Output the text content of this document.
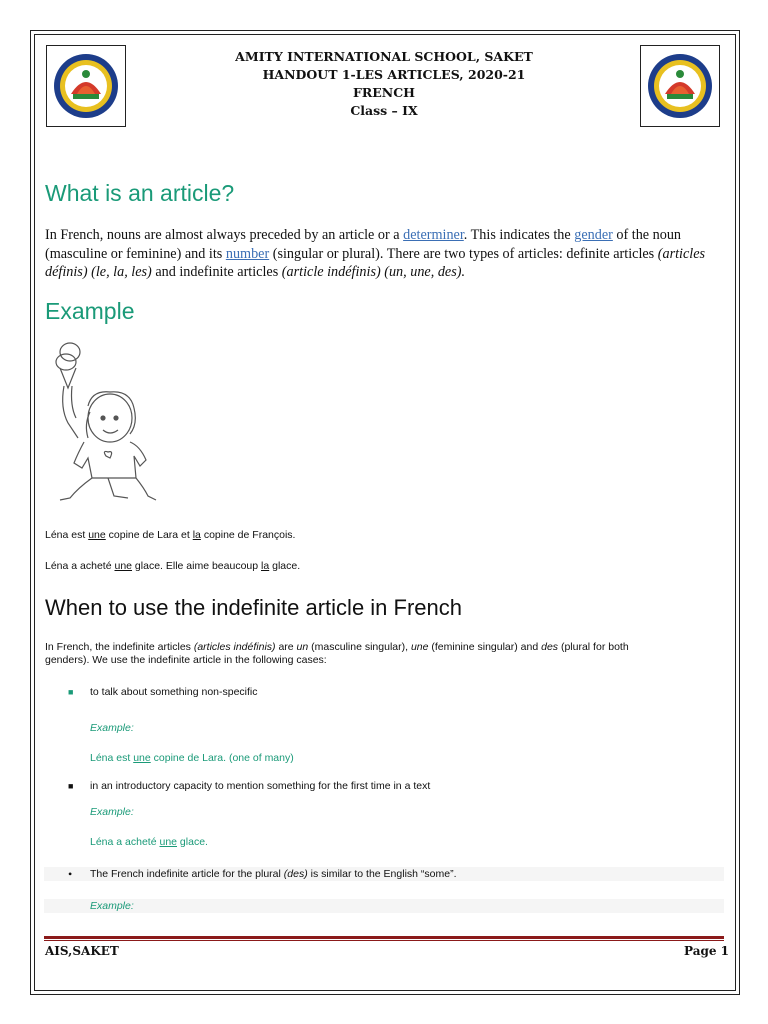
AMITY INTERNATIONAL SCHOOL, SAKET
HANDOUT 1-LES ARTICLES, 2020-21
FRENCH
Class – IX
What is an article?
In French, nouns are almost always preceded by an article or a determiner. This indicates the gender of the noun (masculine or feminine) and its number (singular or plural). There are two types of articles: definite articles (articles définis) (le, la, les) and indefinite articles (article indéfinis) (un, une, des).
Example
Léna est une copine de Lara et la copine de François.
Léna a acheté une glace. Elle aime beaucoup la glace.
When to use the indefinite article in French
In French, the indefinite articles (articles indéfinis) are un (masculine singular), une (feminine singular) and des (plural for both
genders). We use the indefinite article in the following cases:
■ to talk about something non-specific
Example:
Léna est une copine de Lara. (one of many)
■ in an introductory capacity to mention something for the first time in a text
Example:
Léna a acheté une glace.
• The French indefinite article for the plural (des) is similar to the English “some”.
Example:
AIS,SAKET	Page 1
